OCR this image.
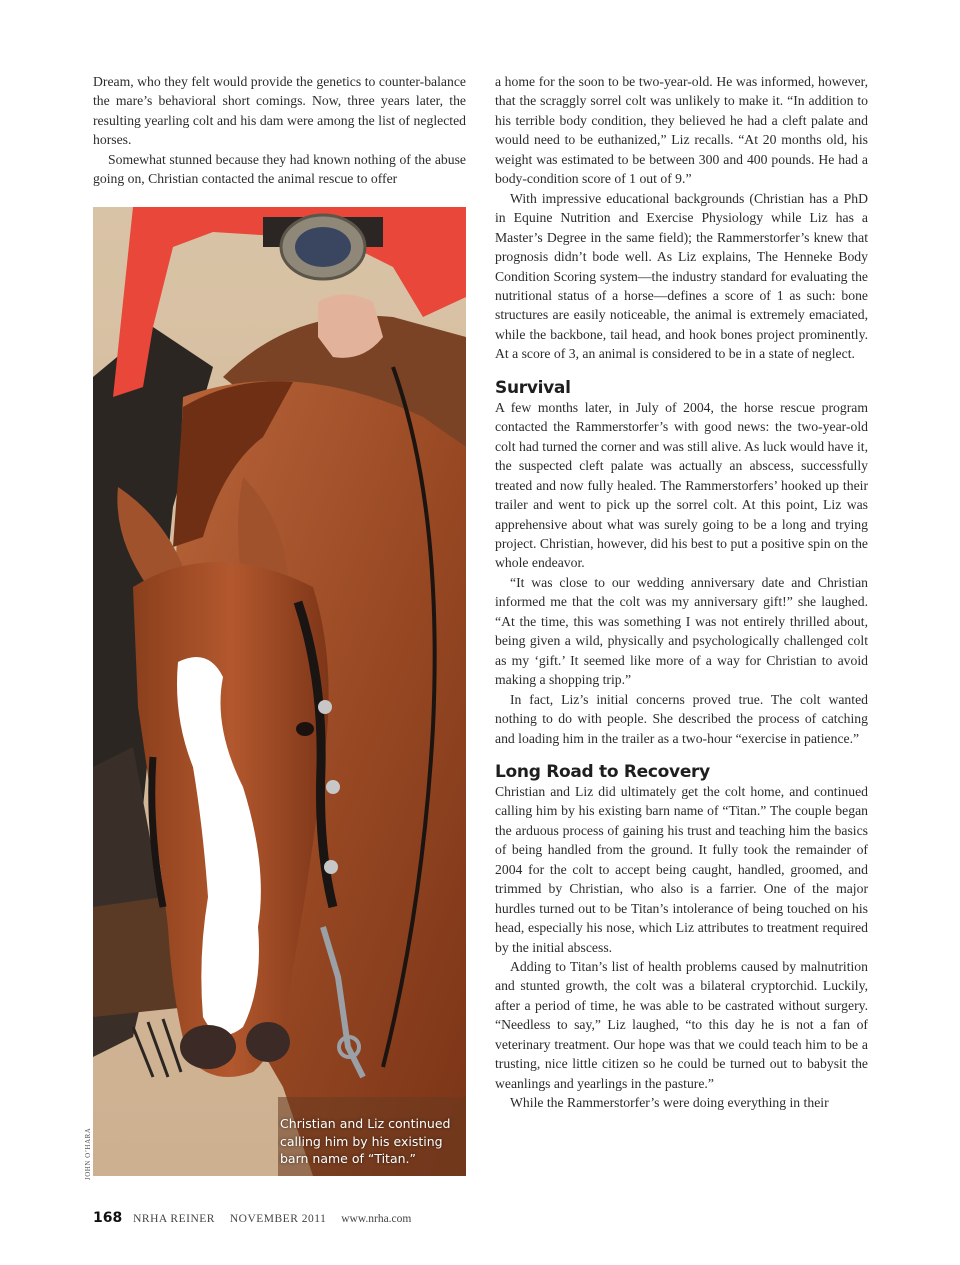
Dream, who they felt would provide the genetics to counter-balance the mare’s behavioral short comings. Now, three years later, the resulting yearling colt and his dam were among the list of neglected horses.

Somewhat stunned because they had known nothing of the abuse going on, Christian contacted the animal rescue to offer

Christian and Liz continued calling him by his existing barn name of “Titan.”
JOHN O’HARA

a home for the soon to be two-year-old. He was informed, however, that the scraggly sorrel colt was unlikely to make it. “In addition to his terrible body condition, they believed he had a cleft palate and would need to be euthanized,” Liz recalls. “At 20 months old, his weight was estimated to be between 300 and 400 pounds. He had a body-condition score of 1 out of 9.”

With impressive educational backgrounds (Christian has a PhD in Equine Nutrition and Exercise Physiology while Liz has a Master’s Degree in the same field); the Rammerstorfer’s knew that prognosis didn’t bode well. As Liz explains, The Henneke Body Condition Scoring system—the industry standard for evaluating the nutritional status of a horse—defines a score of 1 as such: bone structures are easily noticeable, the animal is extremely emaciated, while the backbone, tail head, and hook bones project prominently. At a score of 3, an animal is considered to be in a state of neglect.

Survival

A few months later, in July of 2004, the horse rescue program contacted the Rammerstorfer’s with good news: the two-year-old colt had turned the corner and was still alive. As luck would have it, the suspected cleft palate was actually an abscess, successfully treated and now fully healed. The Rammerstorfers’ hooked up their trailer and went to pick up the sorrel colt. At this point, Liz was apprehensive about what was surely going to be a long and trying project. Christian, however, did his best to put a positive spin on the whole endeavor.

“It was close to our wedding anniversary date and Christian informed me that the colt was my anniversary gift!” she laughed. “At the time, this was something I was not entirely thrilled about, being given a wild, physically and psychologically challenged colt as my ‘gift.’ It seemed like more of a way for Christian to avoid making a shopping trip.”

In fact, Liz’s initial concerns proved true. The colt wanted nothing to do with people. She described the process of catching and loading him in the trailer as a two-hour “exercise in patience.”

Long Road to Recovery

Christian and Liz did ultimately get the colt home, and continued calling him by his existing barn name of “Titan.” The couple began the arduous process of gaining his trust and teaching him the basics of being handled from the ground. It fully took the remainder of 2004 for the colt to accept being caught, handled, groomed, and trimmed by Christian, who also is a farrier. One of the major hurdles turned out to be Titan’s intolerance of being touched on his head, especially his nose, which Liz attributes to treatment required by the initial abscess.

Adding to Titan’s list of health problems caused by malnutrition and stunted growth, the colt was a bilateral cryptorchid. Luckily, after a period of time, he was able to be castrated without surgery. “Needless to say,” Liz laughed, “to this day he is not a fan of veterinary treatment. Our hope was that we could teach him to be a trusting, nice little citizen so he could be turned out to babysit the weanlings and yearlings in the pasture.”

While the Rammerstorfer’s were doing everything in their

168 NRHA REINER NOVEMBER 2011 www.nrha.com
